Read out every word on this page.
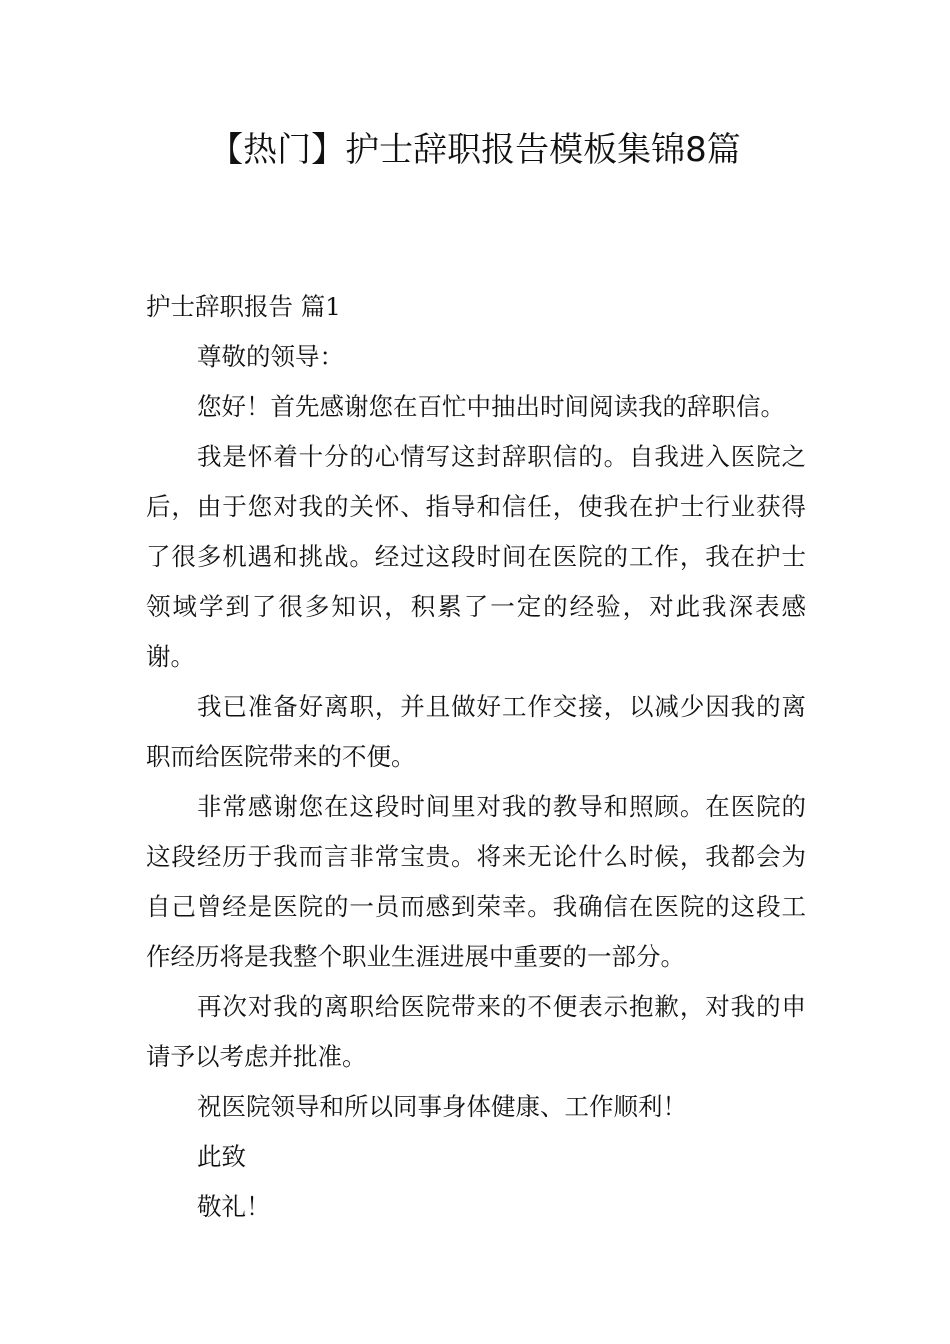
【热门】护士辞职报告模板集锦8篇

护士辞职报告 篇1

尊敬的领导：

您好！首先感谢您在百忙中抽出时间阅读我的辞职信。

我是怀着十分的心情写这封辞职信的。自我进入医院之后，由于您对我的关怀、指导和信任，使我在护士行业获得了很多机遇和挑战。经过这段时间在医院的工作，我在护士领域学到了很多知识，积累了一定的经验，对此我深表感谢。

我已准备好离职，并且做好工作交接，以减少因我的离职而给医院带来的不便。

非常感谢您在这段时间里对我的教导和照顾。在医院的这段经历于我而言非常宝贵。将来无论什么时候，我都会为自己曾经是医院的一员而感到荣幸。我确信在医院的这段工作经历将是我整个职业生涯进展中重要的一部分。

再次对我的离职给医院带来的不便表示抱歉，对我的申请予以考虑并批准。

祝医院领导和所以同事身体健康、工作顺利！

此致

敬礼！
